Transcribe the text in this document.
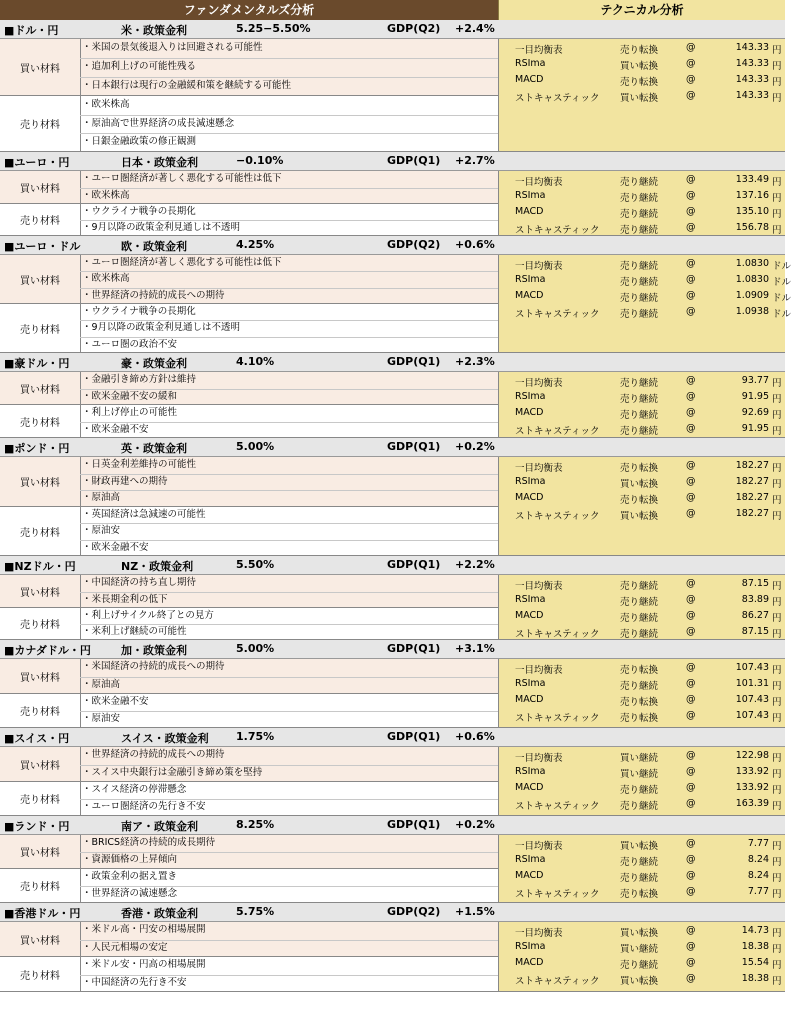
ファンダメンタルズ分析	テクニカル分析
■ドル・円	米・政策金利	5.25−5.50%	GDP(Q2) +2.4%
買い材料
・米国の景気後退入りは回避される可能性
・追加利上げの可能性残る
・日本銀行は現行の金融緩和策を継続する可能性
売り材料
・欧米株高
・原油高で世界経済の成長減速懸念
・日銀金融政策の修正観測
一目均衡表	売り転換	@	143.33 円
RSIma	買い転換	@	143.33 円
MACD	売り転換	@	143.33 円
ストキャスティック 買い転換	@	143.33 円
■ユーロ・円	日本・政策金利	−0.10%	GDP(Q1) +2.7%
買い材料
・ユーロ圏経済が著しく悪化する可能性は低下
・欧米株高
売り材料
・ウクライナ戦争の長期化
・9月以降の政策金利見通しは不透明
一目均衡表	売り継続	@	133.49 円
RSIma	売り継続	@	137.16 円
MACD	売り継続	@	135.10 円
ストキャスティック 売り継続	@	156.78 円
■ユーロ・ドル	欧・政策金利	4.25%	GDP(Q2) +0.6%
買い材料
・ユーロ圏経済が著しく悪化する可能性は低下
・欧米株高
・世界経済の持続的成長への期待
売り材料
・ウクライナ戦争の長期化
・9月以降の政策金利見通しは不透明
・ユーロ圏の政治不安
一目均衡表	売り継続	@	1.0830 ドル
RSIma	売り継続	@	1.0830 ドル
MACD	売り継続	@	1.0909 ドル
ストキャスティック 売り継続	@	1.0938 ドル
■豪ドル・円	豪・政策金利	4.10%	GDP(Q1) +2.3%
買い材料
・金融引き締め方針は維持
・欧米金融不安の緩和
売り材料
・利上げ停止の可能性
・欧米金融不安
一目均衡表	売り継続	@	93.77 円
RSIma	売り継続	@	91.95 円
MACD	売り継続	@	92.69 円
ストキャスティック 売り継続	@	91.95 円
■ポンド・円	英・政策金利	5.00%	GDP(Q1) +0.2%
買い材料
・日英金利差維持の可能性
・財政再建への期待
・原油高
売り材料
・英国経済は急減速の可能性
・原油安
・欧米金融不安
一目均衡表	売り転換	@	182.27 円
RSIma	買い転換	@	182.27 円
MACD	売り転換	@	182.27 円
ストキャスティック 買い転換	@	182.27 円
■NZドル・円	NZ・政策金利	5.50%	GDP(Q1) +2.2%
買い材料
・中国経済の持ち直し期待
・米長期金利の低下
売り材料
・利上げサイクル終了との見方
・米利上げ継続の可能性
一目均衡表	売り継続	@	87.15 円
RSIma	売り継続	@	83.89 円
MACD	売り継続	@	86.27 円
ストキャスティック 売り継続	@	87.15 円
■カナダドル・円	加・政策金利	5.00%	GDP(Q1) +3.1%
買い材料
・米国経済の持続的成長への期待
・原油高
売り材料
・欧米金融不安
・原油安
一目均衡表	売り転換	@	107.43 円
RSIma	売り継続	@	101.31 円
MACD	売り転換	@	107.43 円
ストキャスティック 売り転換	@	107.43 円
■スイス・円	スイス・政策金利 1.75%	GDP(Q1) +0.6%
買い材料
・世界経済の持続的成長への期待
・スイス中央銀行は金融引き締め策を堅持
売り材料
・スイス経済の停滞懸念
・ユーロ圏経済の先行き不安
一目均衡表	買い継続	@	122.98 円
RSIma	買い継続	@	133.92 円
MACD	売り継続	@	133.92 円
ストキャスティック 売り継続	@	163.39 円
■ランド・円	南ア・政策金利	8.25%	GDP(Q1) +0.2%
買い材料
・BRICS経済の持続的成長期待
・資源価格の上昇傾向
売り材料
・政策金利の据え置き
・世界経済の減速懸念
一目均衡表	買い転換	@	7.77 円
RSIma	売り継続	@	8.24 円
MACD	売り継続	@	8.24 円
ストキャスティック 売り転換	@	7.77 円
■香港ドル・円	香港・政策金利	5.75%	GDP(Q2) +1.5%
買い材料
・米ドル高・円安の相場展開
・人民元相場の安定
売り材料
・米ドル安・円高の相場展開
・中国経済の先行き不安
一目均衡表	買い転換	@	14.73 円
RSIma	買い継続	@	18.38 円
MACD	売り継続	@	15.54 円
ストキャスティック 買い転換	@	18.38 円
